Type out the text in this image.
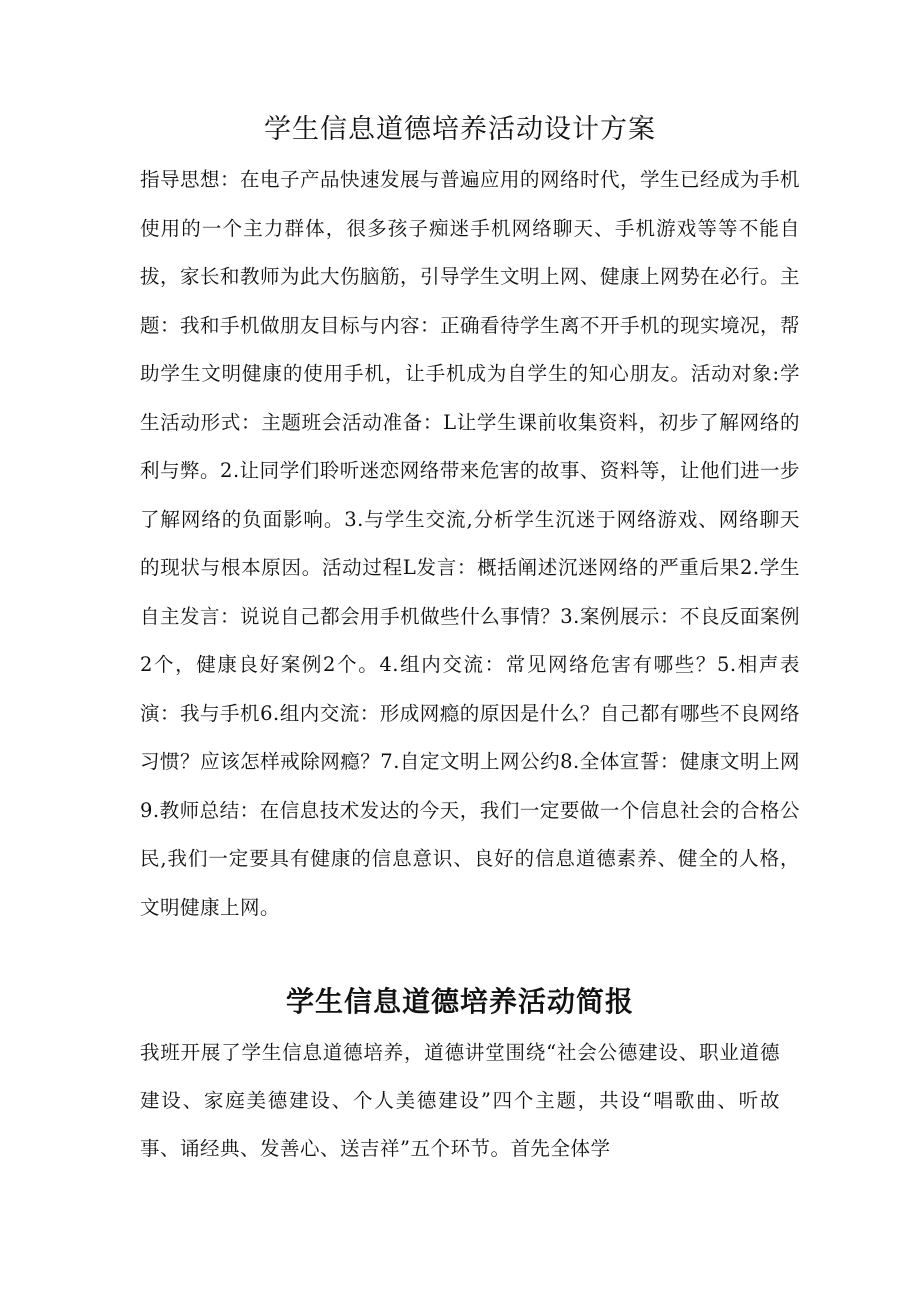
学生信息道德培养活动设计方案

指导思想：在电子产品快速发展与普遍应用的网络时代，学生已经成为手机使用的一个主力群体，很多孩子痴迷手机网络聊天、手机游戏等等不能自拔，家长和教师为此大伤脑筋，引导学生文明上网、健康上网势在必行。主题：我和手机做朋友目标与内容：正确看待学生离不开手机的现实境况，帮助学生文明健康的使用手机，让手机成为自学生的知心朋友。活动对象:学生活动形式：主题班会活动准备：L让学生课前收集资料，初步了解网络的利与弊。2.让同学们聆听迷恋网络带来危害的故事、资料等，让他们进一步了解网络的负面影响。3.与学生交流,分析学生沉迷于网络游戏、网络聊天的现状与根本原因。活动过程L发言：概括阐述沉迷网络的严重后果2.学生自主发言：说说自己都会用手机做些什么事情？3.案例展示：不良反面案例2个，健康良好案例2个。4.组内交流：常见网络危害有哪些？5.相声表演：我与手机6.组内交流：形成网瘾的原因是什么？自己都有哪些不良网络习惯？应该怎样戒除网瘾？7.自定文明上网公约8.全体宣誓：健康文明上网9.教师总结：在信息技术发达的今天，我们一定要做一个信息社会的合格公民,我们一定要具有健康的信息意识、良好的信息道德素养、健全的人格，文明健康上网。

学生信息道德培养活动简报

我班开展了学生信息道德培养，道德讲堂围绕“社会公德建设、职业道德建设、家庭美德建设、个人美德建设”四个主题，共设“唱歌曲、听故事、诵经典、发善心、送吉祥”五个环节。首先全体学
